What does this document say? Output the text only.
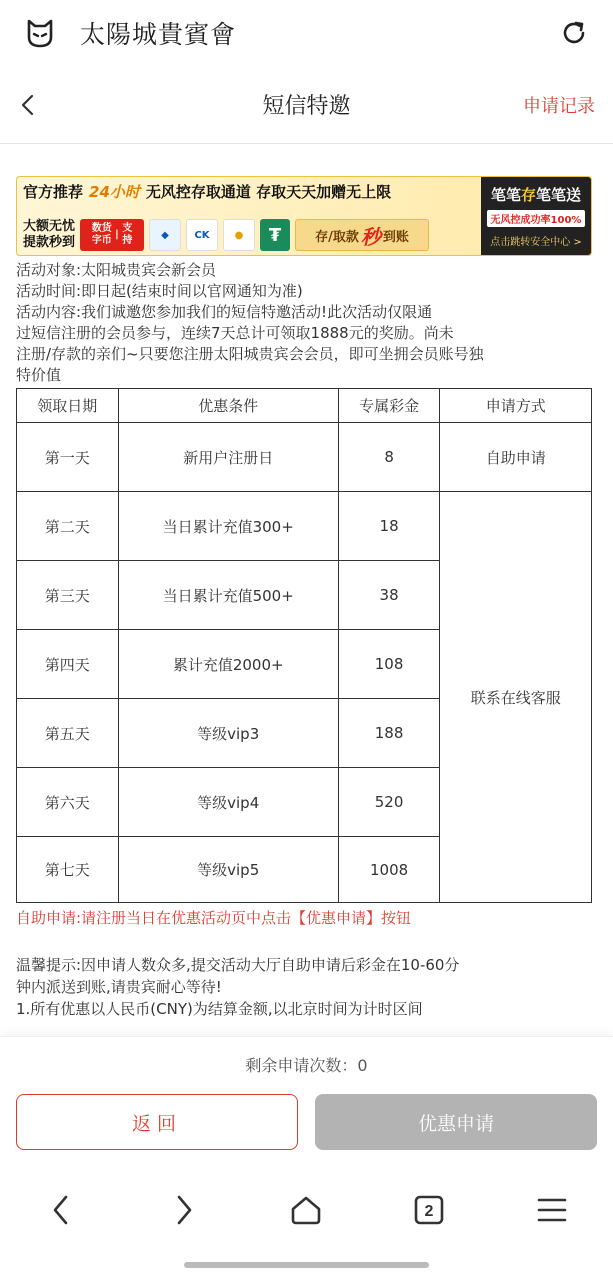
太陽城貴賓會
短信特邀	申请记录
官方推荐 24小时 无风控存取通道 存取天天加赠无上限
大额无忧
提款秒到
数货
字币
|
支
持	◆	CK	●	₮	存/取款 秒 到账
笔笔存笔笔送
无风控成功率100%
点击跳转安全中心 >
活动对象:太阳城贵宾会新会员
活动时间:即日起(结束时间以官网通知为准)
活动内容:我们诚邀您参加我们的短信特邀活动!此次活动仅限通
过短信注册的会员参与，连续7天总计可领取1888元的奖励。尚未
注册/存款的亲们~只要您注册太阳城贵宾会会员，即可坐拥会员账号独
特价值
领取日期	优惠条件	专属彩金	申请方式
第一天	新用户注册日	8	自助申请
第二天	当日累计充值300+	18	联系在线客服
第三天	当日累计充值500+	38	
第四天	累计充值2000+	108	
第五天	等级vip3	188	
第六天	等级vip4	520	
第七天	等级vip5	1008	
自助申请:请注册当日在优惠活动页中点击【优惠申请】按钮
温馨提示:因申请人数众多,提交活动大厅自助申请后彩金在10-60分
钟内派送到账,请贵宾耐心等待!
1.所有优惠以人民币(CNY)为结算金额,以北京时间为计时区间
剩余申请次数：0
返回	优惠申请
2
